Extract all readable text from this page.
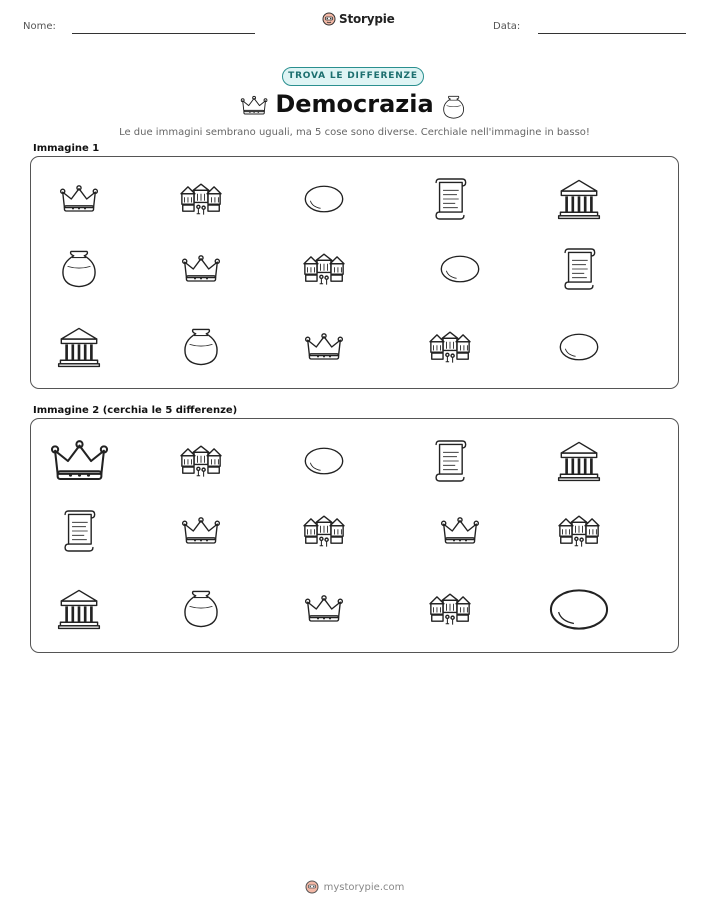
Nome:
Storypie
Data:
TROVA LE DIFFERENZE
Democrazia
Le due immagini sembrano uguali, ma 5 cose sono diverse. Cerchiale nell'immagine in basso!
Immagine 1
Immagine 2 (cerchia le 5 differenze)
mystorypie.com
